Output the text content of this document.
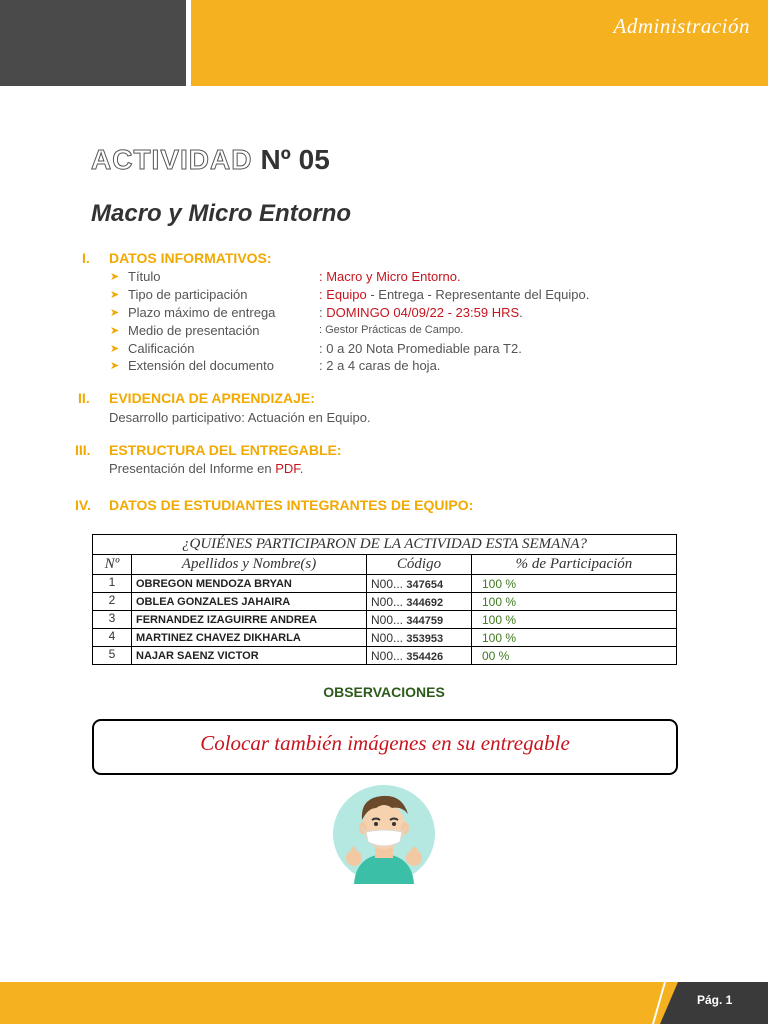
Administración
ACTIVIDAD Nº 05
Macro y Micro Entorno
I. DATOS INFORMATIVOS:
➤ Título	: Macro y Micro Entorno.
➤ Tipo de participación	: Equipo - Entrega - Representante del Equipo.
➤ Plazo máximo de entrega	: DOMINGO 04/09/22 - 23:59 HRS.
➤ Medio de presentación	: Gestor Prácticas de Campo.
➤ Calificación	: 0 a 20 Nota Promediable para T2.
➤ Extensión del documento	: 2 a 4 caras de hoja.
II. EVIDENCIA DE APRENDIZAJE:
Desarrollo participativo: Actuación en Equipo.
III. ESTRUCTURA DEL ENTREGABLE:
Presentación del Informe en PDF.
IV. DATOS DE ESTUDIANTES INTEGRANTES DE EQUIPO:
¿QUIÉNES PARTICIPARON DE LA ACTIVIDAD ESTA SEMANA?			
Nº	Apellidos y Nombre(s)	Código	% de Participación
1	OBREGON MENDOZA BRYAN	N00... 347654	100 %
2	OBLEA GONZALES JAHAIRA	N00... 344692	100 %
3	FERNANDEZ IZAGUIRRE ANDREA	N00... 344759	100 %
4	MARTINEZ CHAVEZ DIKHARLA	N00... 353953	100 %
5	NAJAR SAENZ VICTOR	N00... 354426	00 %
OBSERVACIONES
Colocar también imágenes en su entregable
Pág. 1
